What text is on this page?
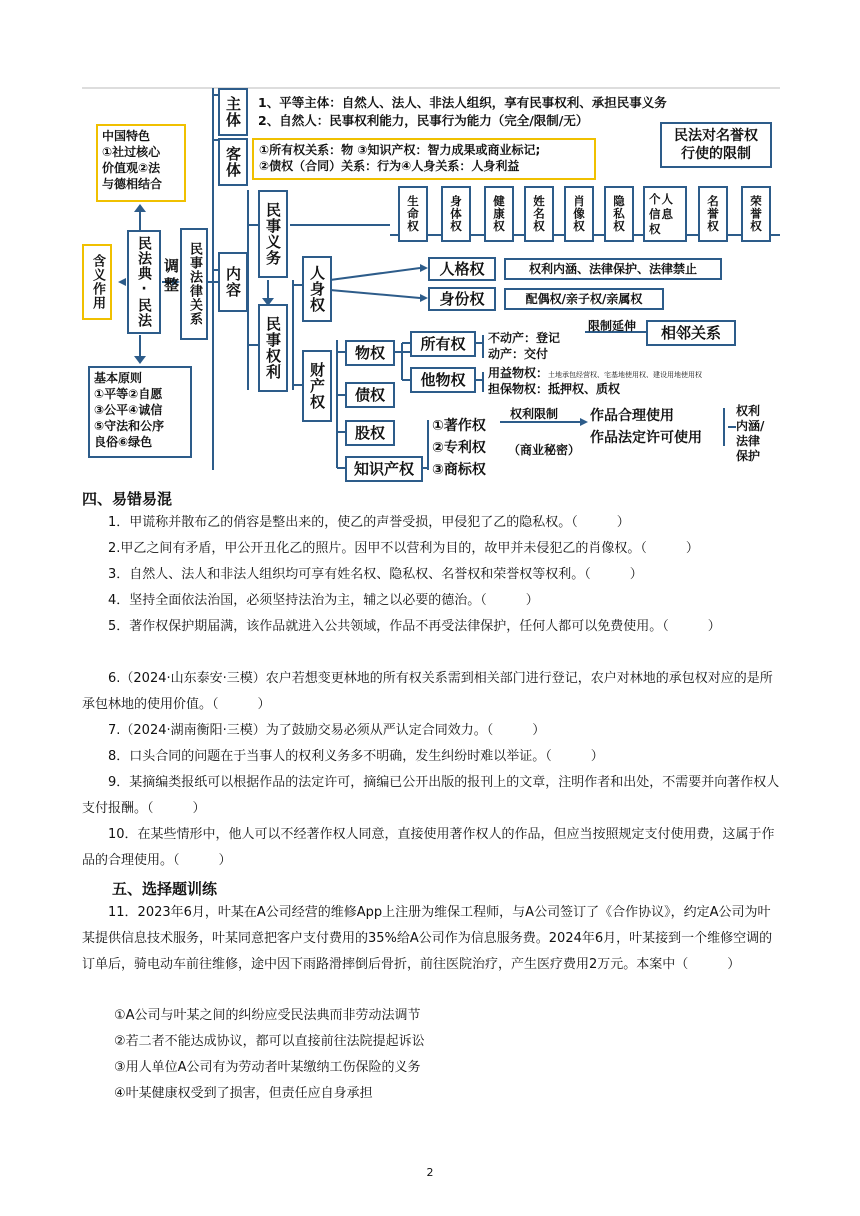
主体	1、平等主体：自然人、法人、非法人组织，享有民事权利、承担民事义务
2、自然人：民事权利能力，民事行为能力（完全/限制/无）
客体	①所有权关系：物 ③知识产权：智力成果或商业标记;
②债权（合同）关系：行为④人身关系：人身利益
中国特色
①社过核心
价值观②法
与德相结合
含义作用	民法典·民法 调整 民事法律关系	内容
基本原则
①平等②自愿
③公平④诚信
⑤守法和公序
良俗⑥绿色
民事义务
民事权利
民法对名誉权
行使的限制
生命权	身体权	健康权	姓名权	肖像权	隐私权	个人信息权	名誉权	荣誉权
人身权	人格权	权利内涵、法律保护、法律禁止
身份权	配偶权/亲子权/亲属权
财产权
物权
债权
股权
知识产权
所有权
他物权
不动产：登记
动产：交付
限制延伸	相邻关系
用益物权：土地承包经营权、宅基地使用权、建设用地使用权
担保物权：抵押权、质权
①著作权
②专利权 （商业秘密）
③商标权
权利限制 作品合理使用
作品法定许可使用
权利
内涵/
法律
保护
四、易错易混
1．甲谎称并散布乙的俏容是整出来的，使乙的声誉受损，甲侵犯了乙的隐私权。（　　　）
2.甲乙之间有矛盾，甲公开丑化乙的照片。因甲不以营利为目的，故甲并未侵犯乙的肖像权。（　　　）
3．自然人、法人和非法人组织均可享有姓名权、隐私权、名誉权和荣誉权等权利。（　　　）
4．坚持全面依法治国，必须坚持法治为主，辅之以必要的德治。（　　　）
5．著作权保护期届满，该作品就进入公共领域，作品不再受法律保护，任何人都可以免费使用。（　　　）
6.（2024·山东泰安·三模）农户若想变更林地的所有权关系需到相关部门进行登记，农户对林地的承包权对应的是所承包林地的使用价值。（　　　）
7.（2024·湖南衡阳·三模）为了鼓励交易必须从严认定合同效力。（　　　）
8．口头合同的问题在于当事人的权利义务多不明确，发生纠纷时难以举证。（　　　）
9．某摘编类报纸可以根据作品的法定许可，摘编已公开出版的报刊上的文章，注明作者和出处，不需要并向著作权人支付报酬。（　　　）
10．在某些情形中，他人可以不经著作权人同意，直接使用著作权人的作品，但应当按照规定支付使用费，这属于作品的合理使用。（　　　）
五、选择题训练
11．2023年6月，叶某在A公司经营的维修App上注册为维保工程师，与A公司签订了《合作协议》，约定A公司为叶某提供信息技术服务，叶某同意把客户支付费用的35%给A公司作为信息服务费。2024年6月，叶某接到一个维修空调的订单后，骑电动车前往维修，途中因下雨路滑摔倒后骨折，前往医院治疗，产生医疗费用2万元。本案中（　　　）
①A公司与叶某之间的纠纷应受民法典而非劳动法调节
②若二者不能达成协议，都可以直接前往法院提起诉讼
③用人单位A公司有为劳动者叶某缴纳工伤保险的义务
④叶某健康权受到了损害，但责任应自身承担
2
